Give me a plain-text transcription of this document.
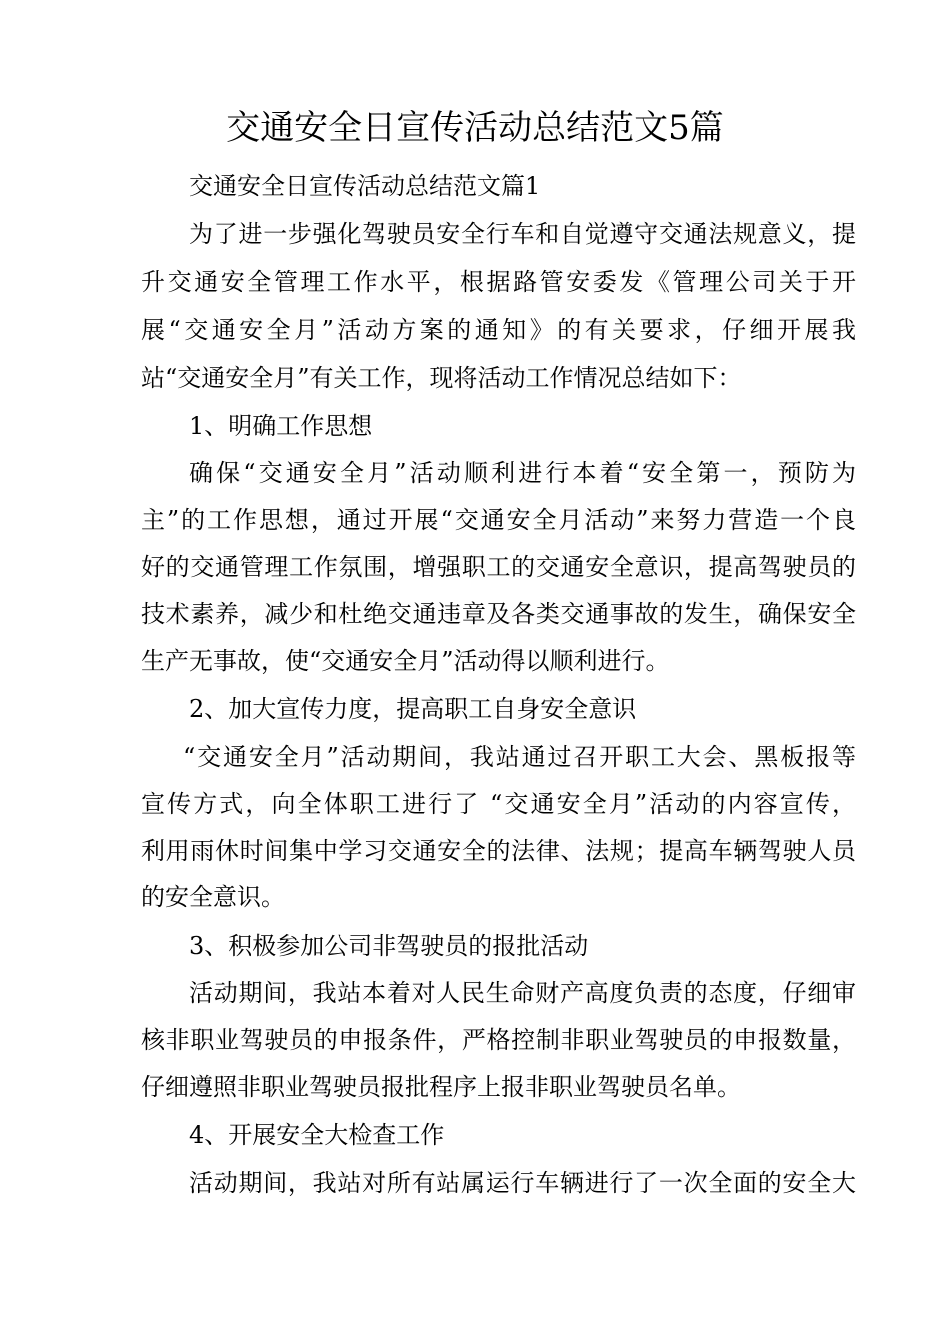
交通安全日宣传活动总结范文5篇

交通安全日宣传活动总结范文篇1

为了进一步强化驾驶员安全行车和自觉遵守交通法规意义，提

升交通安全管理工作水平，根据路管安委发《管理公司关于开

展“交通安全月”活动方案的通知》的有关要求，仔细开展我

站“交通安全月”有关工作，现将活动工作情况总结如下：

1、明确工作思想

确保“交通安全月”活动顺利进行本着“安全第一，预防为

主”的工作思想，通过开展“交通安全月活动”来努力营造一个良

好的交通管理工作氛围，增强职工的交通安全意识，提高驾驶员的

技术素养，减少和杜绝交通违章及各类交通事故的发生，确保安全

生产无事故，使“交通安全月”活动得以顺利进行。

2、加大宣传力度，提高职工自身安全意识

“交通安全月”活动期间，我站通过召开职工大会、黑板报等

宣传方式，向全体职工进行了 “交通安全月”活动的内容宣传，

利用雨休时间集中学习交通安全的法律、法规；提高车辆驾驶人员

的安全意识。

3、积极参加公司非驾驶员的报批活动

活动期间，我站本着对人民生命财产高度负责的态度，仔细审

核非职业驾驶员的申报条件，严格控制非职业驾驶员的申报数量，

仔细遵照非职业驾驶员报批程序上报非职业驾驶员名单。

4、开展安全大检查工作

活动期间，我站对所有站属运行车辆进行了一次全面的安全大
